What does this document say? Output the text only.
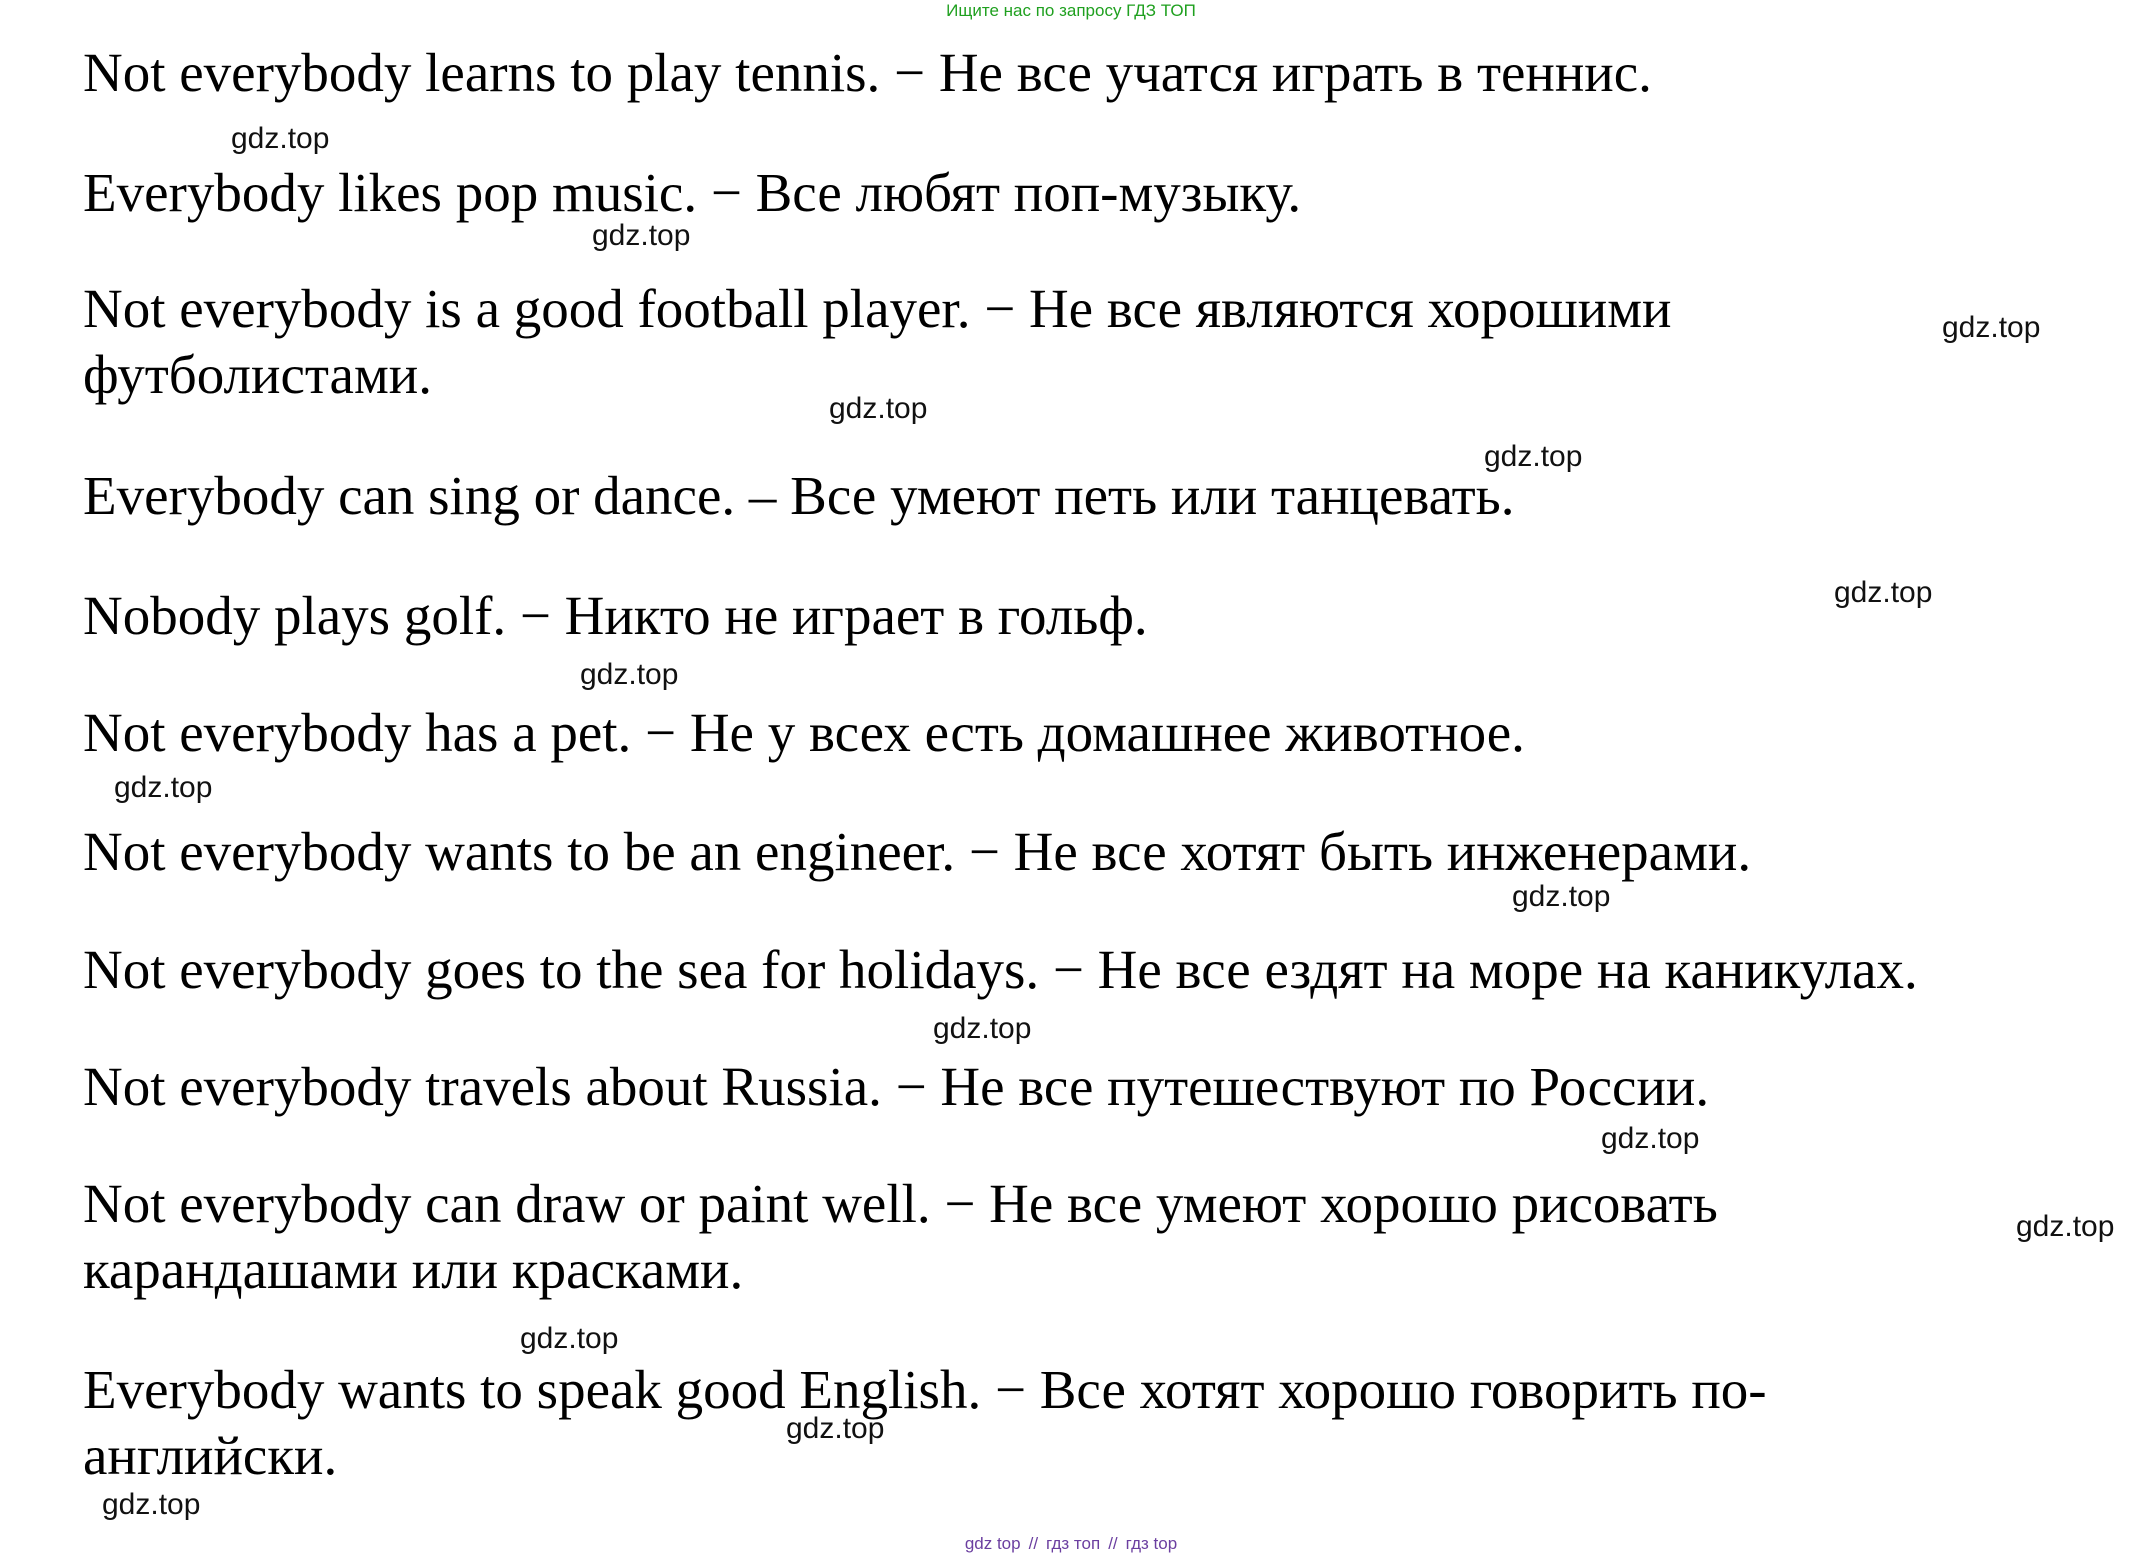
Ищите нас по запросу ГДЗ ТОП
Not everybody learns to play tennis. − Не все учатся играть в теннис.
Everybody likes pop music. − Все любят поп-музыку.
Not everybody is a good football player. − Не все являются хорошими
футболистами.
Everybody can sing or dance. – Все умеют петь или танцевать.
Nobody plays golf. − Никто не играет в гольф.
Not everybody has a pet. − Не у всех есть домашнее животное.
Not everybody wants to be an engineer. − Не все хотят быть инженерами.
Not everybody goes to the sea for holidays. − Не все ездят на море на каникулах.
Not everybody travels about Russia. − Не все путешествуют по России.
Not everybody can draw or paint well. − Не все умеют хорошо рисовать
карандашами или красками.
Everybody wants to speak good English. − Все хотят хорошо говорить по-
английски.
gdz.top
gdz.top
gdz.top
gdz.top
gdz.top
gdz.top
gdz.top
gdz.top
gdz.top
gdz.top
gdz.top
gdz.top
gdz.top
gdz.top
gdz.top
gdz top // гдз топ // гдз top
